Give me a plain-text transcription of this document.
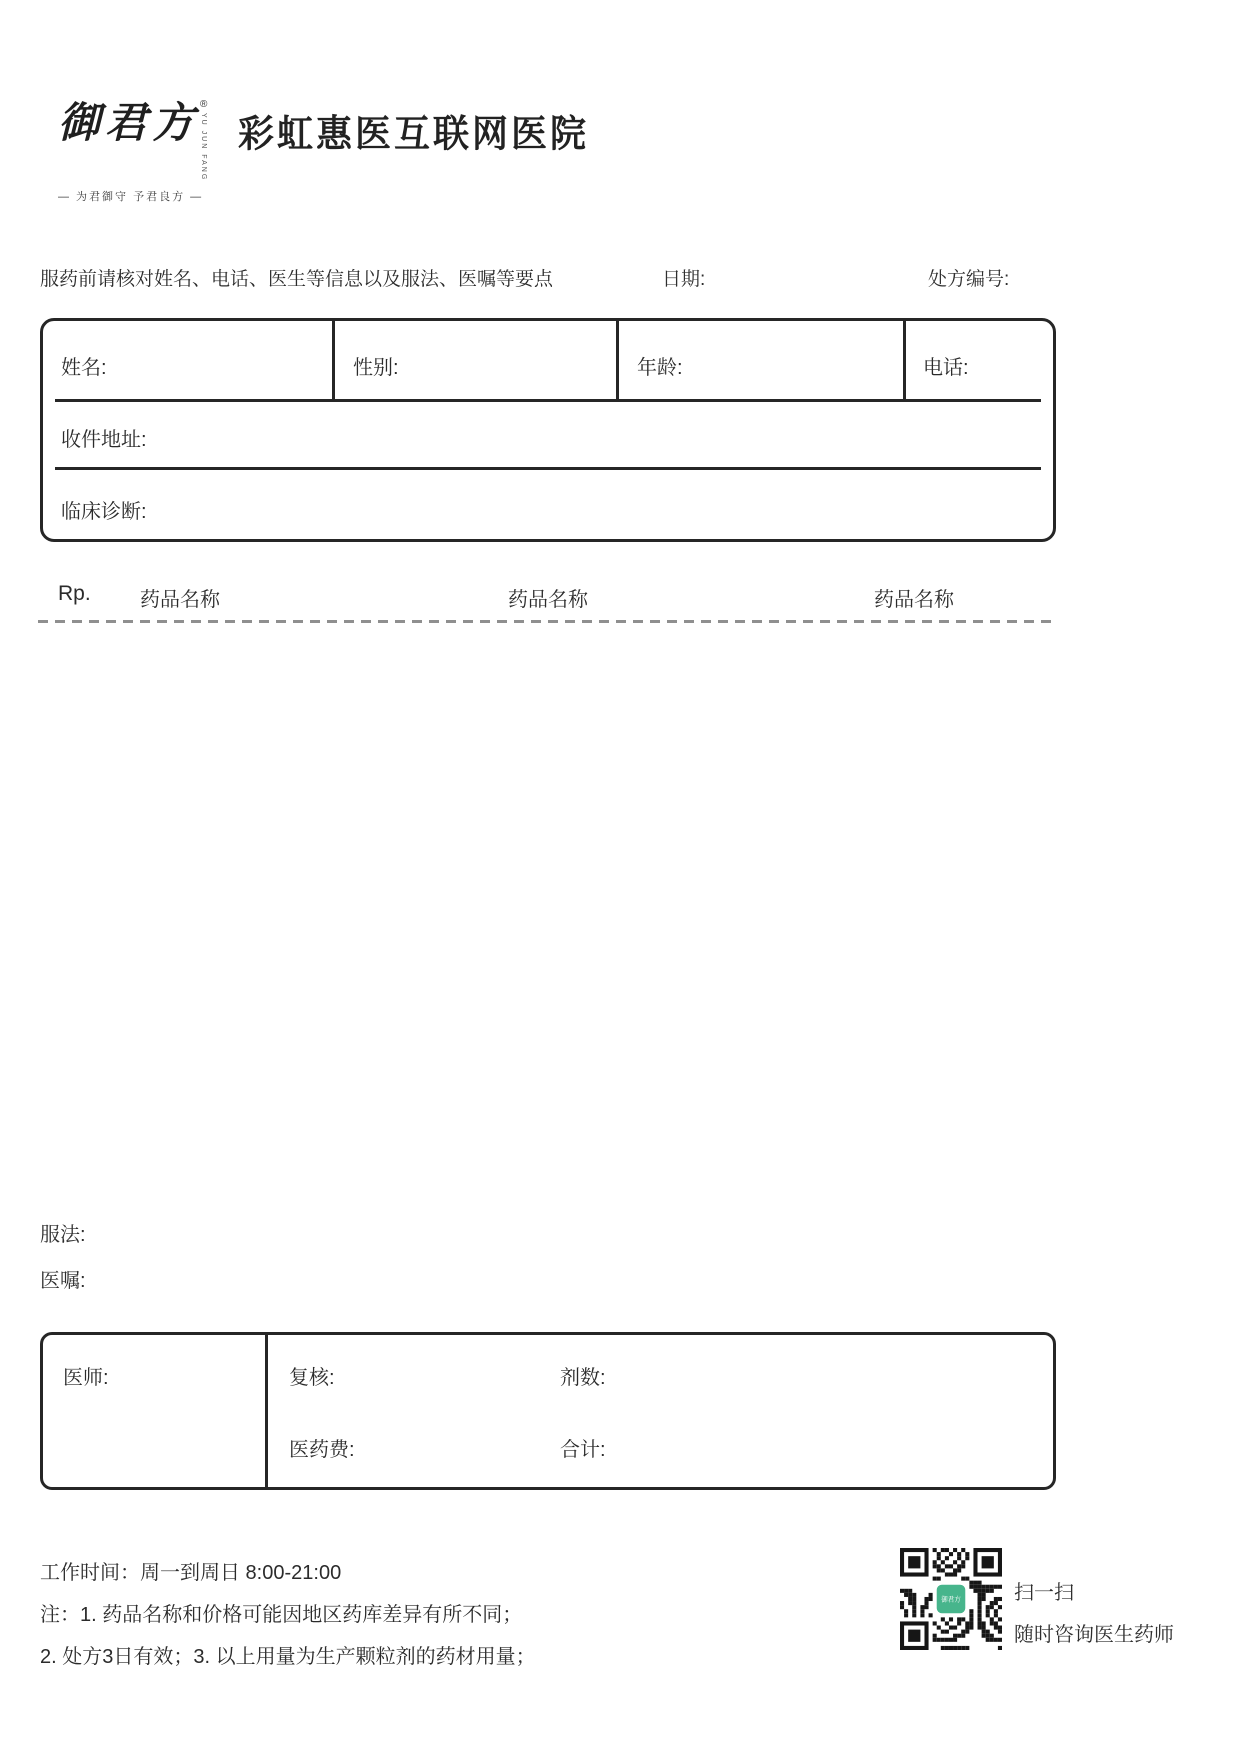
御君方 ®
YU JUN FANG
— 为君御守 予君良方 —
彩虹惠医互联网医院
服药前请核对姓名、电话、医生等信息以及服法、医嘱等要点	日期:	处方编号:
姓名:	性别:	年龄:	电话:
收件地址:
临床诊断:
Rp. 药品名称	药品名称	药品名称
服法:
医嘱:
医师:	复核:	剂数:
医药费:	合计:
工作时间：周一到周日 8:00-21:00
注：1. 药品名称和价格可能因地区药库差异有所不同；
2. 处方3日有效；3. 以上用量为生产颗粒剂的药材用量；
御君方	扫一扫
随时咨询医生药师
